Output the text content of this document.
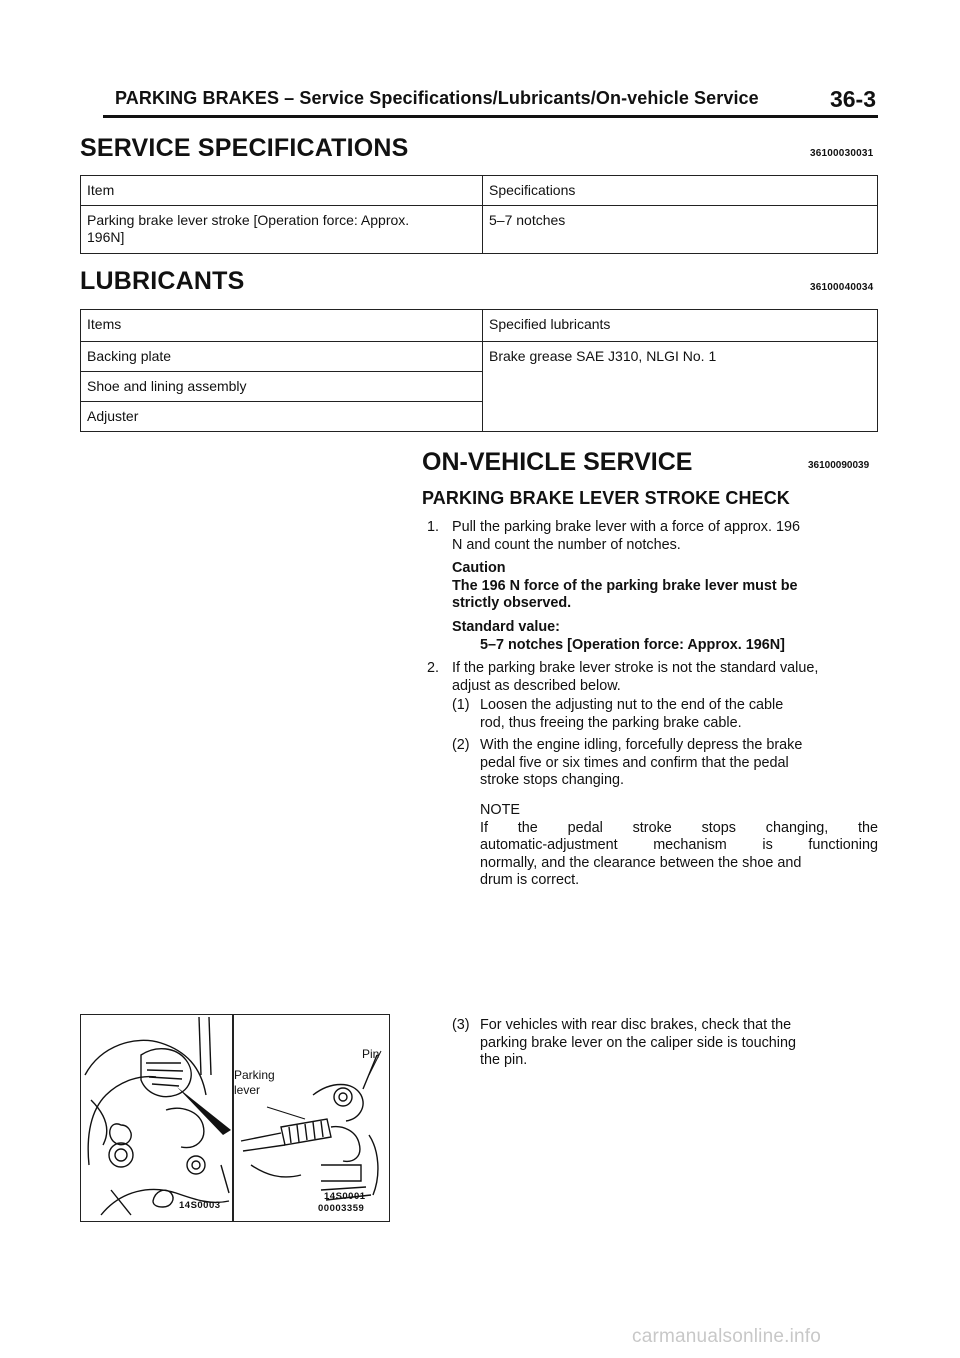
PARKING BRAKES – Service Specifications/Lubricants/On-vehicle Service	36-3
SERVICE SPECIFICATIONS	36100030031
Item	Specifications

Parking brake lever stroke [Operation force: Approx.
196N]	5–7 notches
LUBRICANTS	36100040034
Items	Specified lubricants
Backing plate	Brake grease SAE J310, NLGI No. 1
Shoe and lining assembly	
Adjuster	
ON-VEHICLE SERVICE	36100090039
PARKING BRAKE LEVER STROKE CHECK
1. Pull the parking brake lever with a force of approx. 196
N and count the number of notches.
Caution
The 196 N force of the parking brake lever must be
strictly observed.
Standard value:
5–7 notches [Operation force: Approx. 196N]
2. If the parking brake lever stroke is not the standard value,
adjust as described below.
(1) Loosen the adjusting nut to the end of the cable
rod, thus freeing the parking brake cable.
(2) With the engine idling, forcefully depress the brake
pedal five or six times and confirm that the pedal
stroke stops changing.
NOTE
If the pedal stroke stops changing, the
automatic-adjustment mechanism is functioning
normally, and the clearance between the shoe and
drum is correct.
(3) For vehicles with rear disc brakes, check that the
parking brake lever on the caliper side is touching
the pin.
Pin
Parking
lever
14S0003
14S0001
00003359
carmanualsonline.info
